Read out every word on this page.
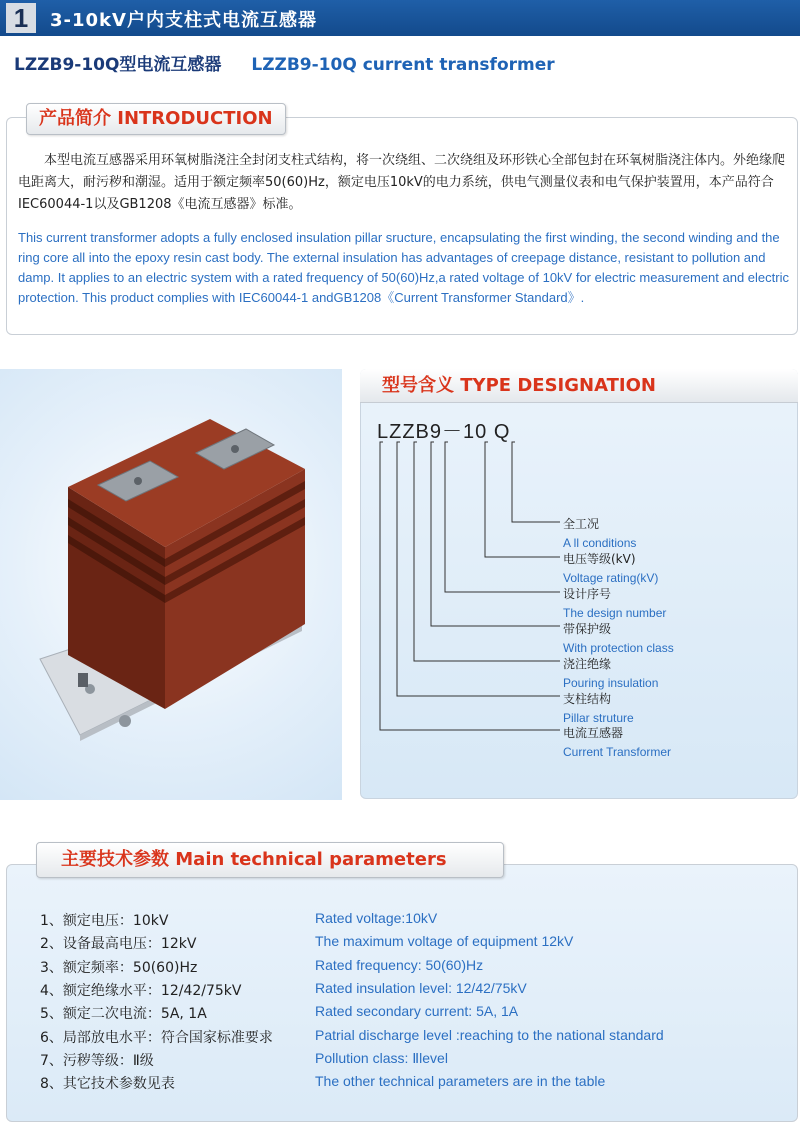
1	3-10kV户内支柱式电流互感器
LZZB9-10Q型电流互感器 LZZB9-10Q current transformer
产品简介 INTRODUCTION

本型电流互感器采用环氧树脂浇注全封闭支柱式结构，将一次绕组、二次绕组及环形铁心全部包封在环氧树脂浇注体内。外绝缘爬电距离大，耐污秽和潮湿。适用于额定频率50(60)Hz，额定电压10kV的电力系统，供电气测量仪表和电气保护装置用，本产品符合IEC60044-1以及GB1208《电流互感器》标准。

This current transformer adopts a fully enclosed insulation pillar sructure, encapsulating the first winding, the second winding and the ring core all into the epoxy resin cast body. The external insulation has advantages of creepage distance, resistant to pollution and damp. It applies to an electric system with a rated frequency of 50(60)Hz,a rated voltage of 10kV for electric measurement and electric protection. This product complies with IEC60044-1 andGB1208《Current Transformer Standard》.

型号含义 TYPE DESIGNATION
LZZB9－10 Q
全工况
A ll conditions
电压等级(kV)
Voltage rating(kV)
设计序号
The design number
带保护级
With protection class
浇注绝缘
Pouring insulation
支柱结构
Pillar struture
电流互感器
Current Transformer
主要技术参数 Main technical parameters
1、额定电压：10kV	Rated voltage:10kV
2、设备最高电压：12kV	The maximum voltage of equipment 12kV
3、额定频率：50(60)Hz	Rated frequency: 50(60)Hz
4、额定绝缘水平：12/42/75kV	Rated insulation level: 12/42/75kV
5、额定二次电流：5A, 1A	Rated secondary current: 5A, 1A
6、局部放电水平：符合国家标准要求	Patrial discharge level :reaching to the national standard
7、污秽等级：Ⅱ级	Pollution class: Ⅱlevel
8、其它技术参数见表	The other technical parameters are in the table
